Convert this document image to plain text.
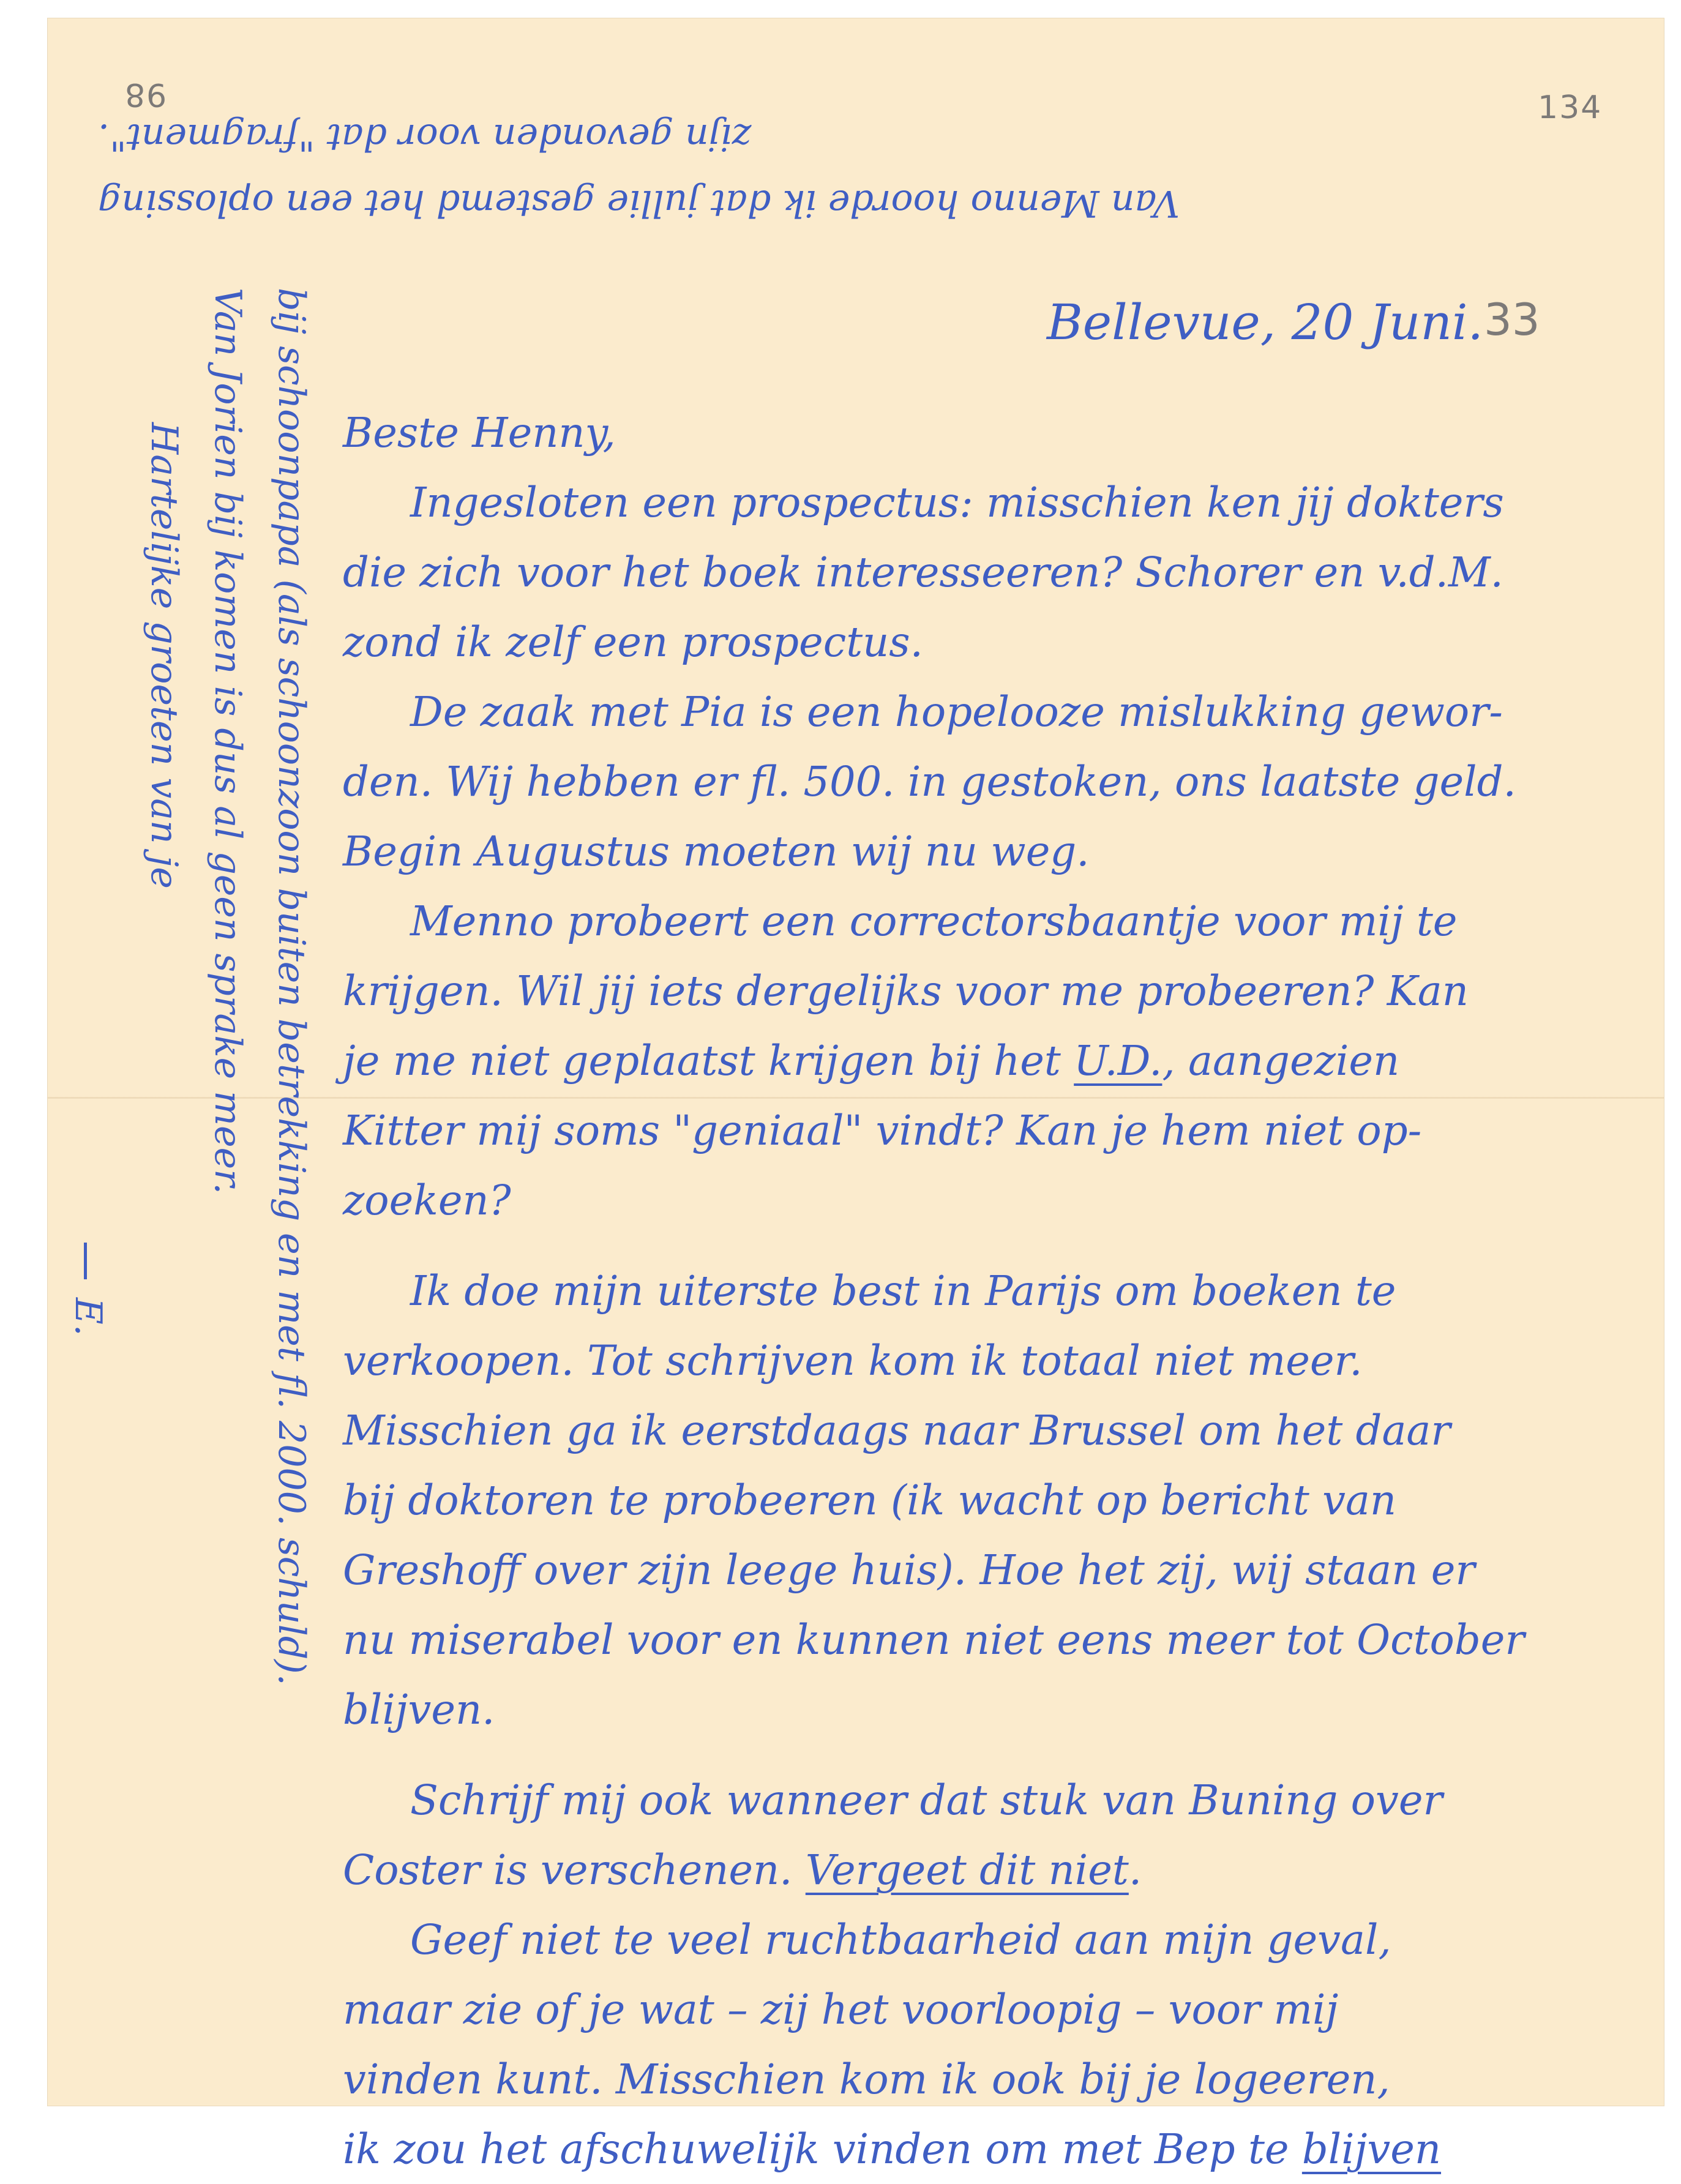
98	134
Van Menno hoorde ik dat jullie gestemd het een oplossing
zijn gevonden voor dat "fragment".
Bellevue, 20 Juni. 33

Beste Henny,

Ingesloten een prospectus: misschien ken jij dokters

die zich voor het boek interesseeren? Schorer en v.d.M.

zond ik zelf een prospectus.

De zaak met Pia is een hopelooze mislukking gewor-

den. Wij hebben er fl. 500. in gestoken, ons laatste geld.

Begin Augustus moeten wij nu weg.

Menno probeert een correctorsbaantje voor mij te

krijgen. Wil jij iets dergelijks voor me probeeren? Kan

je me niet geplaatst krijgen bij het U.D., aangezien

Kitter mij soms "geniaal" vindt? Kan je hem niet op-

zoeken?

Ik doe mijn uiterste best in Parijs om boeken te

verkoopen. Tot schrijven kom ik totaal niet meer.

Misschien ga ik eerstdaags naar Brussel om het daar

bij doktoren te probeeren (ik wacht op bericht van

Greshoff over zijn leege huis). Hoe het zij, wij staan er

nu miserabel voor en kunnen niet eens meer tot October

blijven.

Schrijf mij ook wanneer dat stuk van Buning over

Coster is verschenen. Vergeet dit niet.

Geef niet te veel ruchtbaarheid aan mijn geval,

maar zie of je wat – zij het voorloopig – voor mij

vinden kunt. Misschien kom ik ook bij je logeeren,

ik zou het afschuwelijk vinden om met Bep te blijven

bij schoonpapa (als schoonzoon buiten betrekking en met fl. 2000. schuld).
Van Jorien bij komen is dus al geen sprake meer.
Hartelijke groeten van je
E.
